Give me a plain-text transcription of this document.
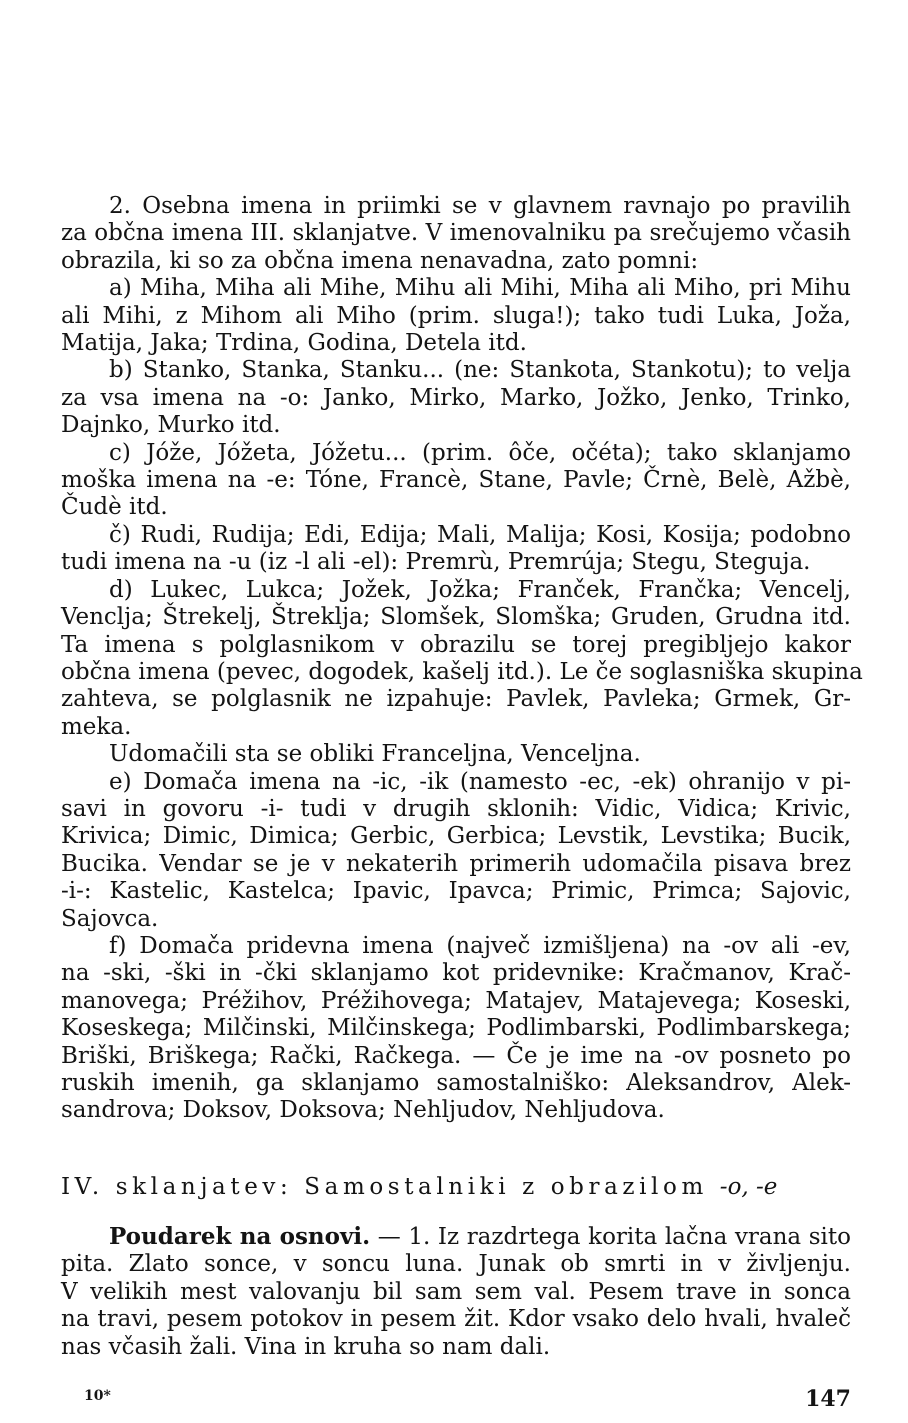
2. Osebna imena in priimki se v glavnem ravnajo po pravilih
za občna imena III. sklanjatve. V imenovalniku pa srečujemo včasih
obrazila, ki so za občna imena nenavadna, zato pomni:
a) Miha, Miha ali Mihe, Mihu ali Mihi, Miha ali Miho, pri Mihu
ali Mihi, z Mihom ali Miho (prim. sluga!); tako tudi Luka, Joža,
Matija, Jaka; Trdina, Godina, Detela itd.
b) Stanko, Stanka, Stanku... (ne: Stankota, Stankotu); to velja
za vsa imena na -o: Janko, Mirko, Marko, Jožko, Jenko, Trinko,
Dajnko, Murko itd.
c) Jóže, Jóžeta, Jóžetu... (prim. ôče, očéta); tako sklanjamo
moška imena na -e: Tóne, Francè, Stane, Pavle; Črnè, Belè, Ažbè,
Čudè itd.
č) Rudi, Rudija; Edi, Edija; Mali, Malija; Kosi, Kosija; podobno
tudi imena na -u (iz -l ali -el): Premrù, Premrúja; Stegu, Steguja.
d) Lukec, Lukca; Jožek, Jožka; Franček, Frančka; Vencelj,
Venclja; Štrekelj, Štreklja; Slomšek, Slomška; Gruden, Grudna itd.
Ta imena s polglasnikom v obrazilu se torej pregibljejo kakor
občna imena (pevec, dogodek, kašelj itd.). Le če soglasniška skupina
zahteva, se polglasnik ne izpahuje: Pavlek, Pavleka; Grmek, Gr-
meka.
Udomačili sta se obliki Franceljna, Venceljna.
e) Domača imena na -ic, -ik (namesto -ec, -ek) ohranijo v pi-
savi in govoru -i- tudi v drugih sklonih: Vidic, Vidica; Krivic,
Krivica; Dimic, Dimica; Gerbic, Gerbica; Levstik, Levstika; Bucik,
Bucika. Vendar se je v nekaterih primerih udomačila pisava brez
-i-: Kastelic, Kastelca; Ipavic, Ipavca; Primic, Primca; Sajovic,
Sajovca.
f) Domača pridevna imena (največ izmišljena) na -ov ali -ev,
na -ski, -ški in -čki sklanjamo kot pridevnike: Kračmanov, Krač-
manovega; Préžihov, Préžihovega; Matajev, Matajevega; Koseski,
Koseskega; Milčinski, Milčinskega; Podlimbarski, Podlimbarskega;
Briški, Briškega; Rački, Račkega. — Če je ime na -ov posneto po
ruskih imenih, ga sklanjamo samostalniško: Aleksandrov, Alek-
sandrova; Doksov, Doksova; Nehljudov, Nehljudova.
IV. sklanjatev: Samostalniki z obrazilom -o, -e
Poudarek na osnovi. — 1. Iz razdrtega korita lačna vrana sito
pita. Zlato sonce, v soncu luna. Junak ob smrti in v življenju.
V velikih mest valovanju bil sam sem val. Pesem trave in sonca
na travi, pesem potokov in pesem žit. Kdor vsako delo hvali, hvaleč
nas včasih žali. Vina in kruha so nam dali.
10*	147
